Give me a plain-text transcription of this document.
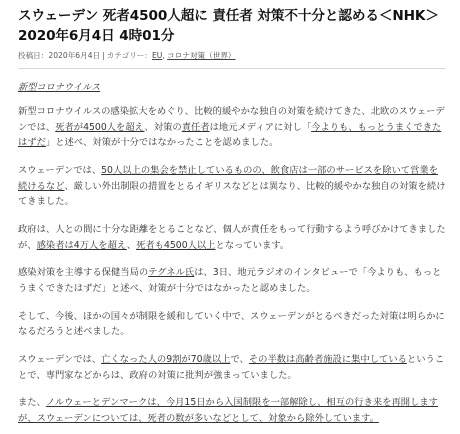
スウェーデン 死者4500人超に 責任者 対策不十分と認める＜NHK＞2020年6月4日 4時01分
投稿日：2020年6月4日 | カテゴリー：EU, コロナ対策（世界）

新型コロナウイルス

新型コロナウイルスの感染拡大をめぐり、比較的緩やかな独自の対策を続けてきた、北欧のスウェーデンでは、死者が4500人を超え、対策の責任者は地元メディアに対し「今よりも、もっとうまくできたはずだ」と述べ、対策が十分ではなかったことを認めました。

スウェーデンでは、50人以上の集会を禁止しているものの、飲食店は一部のサービスを除いて営業を続けるなど、厳しい外出制限の措置をとるイギリスなどとは異なり、比較的緩やかな独自の対策を続けてきました。

政府は、人との間に十分な距離をとることなど、個人が責任をもって行動するよう呼びかけてきましたが、感染者は4万人を超え、死者も4500人以上となっています。

感染対策を主導する保健当局のテグネル氏は、3日、地元ラジオのインタビューで「今よりも、もっとうまくできたはずだ」と述べ、対策が十分ではなかったと認めました。

そして、今後、ほかの国々が制限を緩和していく中で、スウェーデンがとるべきだった対策は明らかになるだろうと述べました。

スウェーデンでは、亡くなった人の9割が70歳以上で、その半数は高齢者施設に集中しているということで、専門家などからは、政府の対策に批判が強まっていました。

また、ノルウェーとデンマークは、今月15日から入国制限を一部解除し、相互の行き来を再開しますが、スウェーデンについては、死者の数が多いなどとして、対象から除外しています。
